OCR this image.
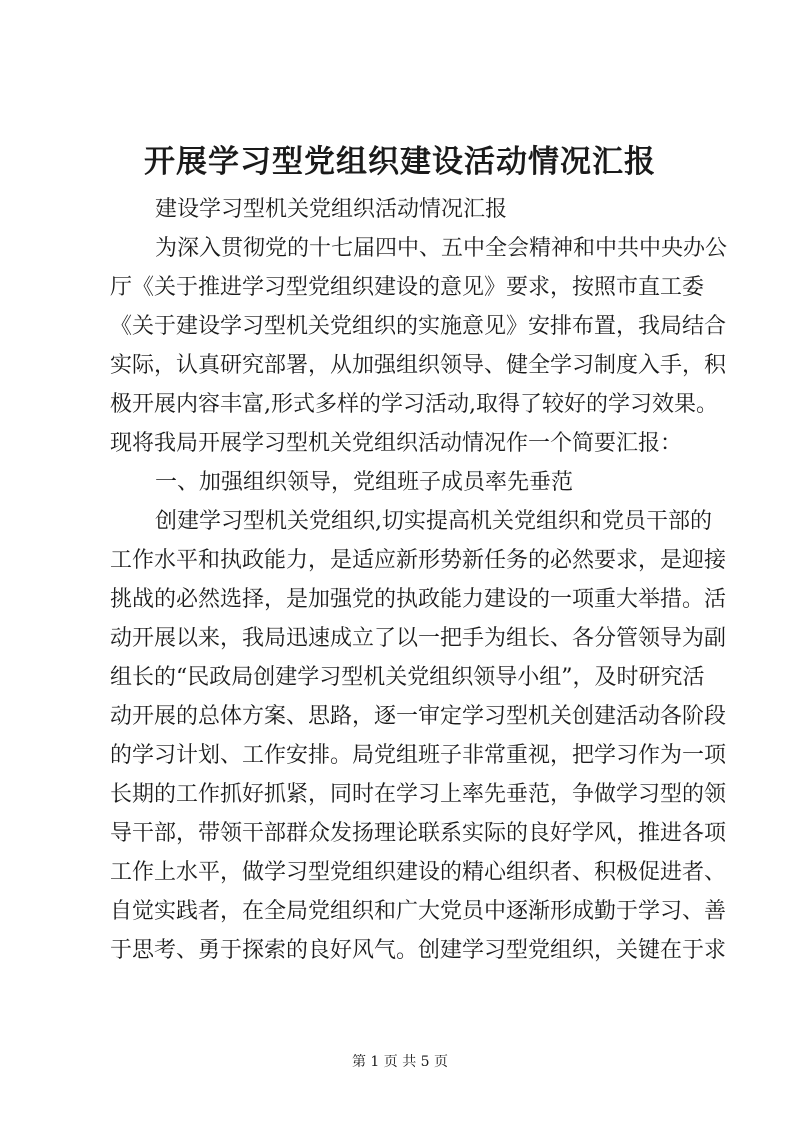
开展学习型党组织建设活动情况汇报
建设学习型机关党组织活动情况汇报
为深入贯彻党的十七届四中、五中全会精神和中共中央办公
厅《关于推进学习型党组织建设的意见》要求，按照市直工委
《关于建设学习型机关党组织的实施意见》安排布置，我局结合
实际，认真研究部署，从加强组织领导、健全学习制度入手，积
极开展内容丰富,形式多样的学习活动,取得了较好的学习效果。
现将我局开展学习型机关党组织活动情况作一个简要汇报：
一、加强组织领导，党组班子成员率先垂范
创建学习型机关党组织,切实提高机关党组织和党员干部的
工作水平和执政能力，是适应新形势新任务的必然要求，是迎接
挑战的必然选择，是加强党的执政能力建设的一项重大举措。活
动开展以来，我局迅速成立了以一把手为组长、各分管领导为副
组长的“民政局创建学习型机关党组织领导小组”，及时研究活
动开展的总体方案、思路，逐一审定学习型机关创建活动各阶段
的学习计划、工作安排。局党组班子非常重视，把学习作为一项
长期的工作抓好抓紧，同时在学习上率先垂范，争做学习型的领
导干部，带领干部群众发扬理论联系实际的良好学风，推进各项
工作上水平，做学习型党组织建设的精心组织者、积极促进者、
自觉实践者，在全局党组织和广大党员中逐渐形成勤于学习、善
于思考、勇于探索的良好风气。创建学习型党组织，关键在于求
第 1 页 共 5 页
